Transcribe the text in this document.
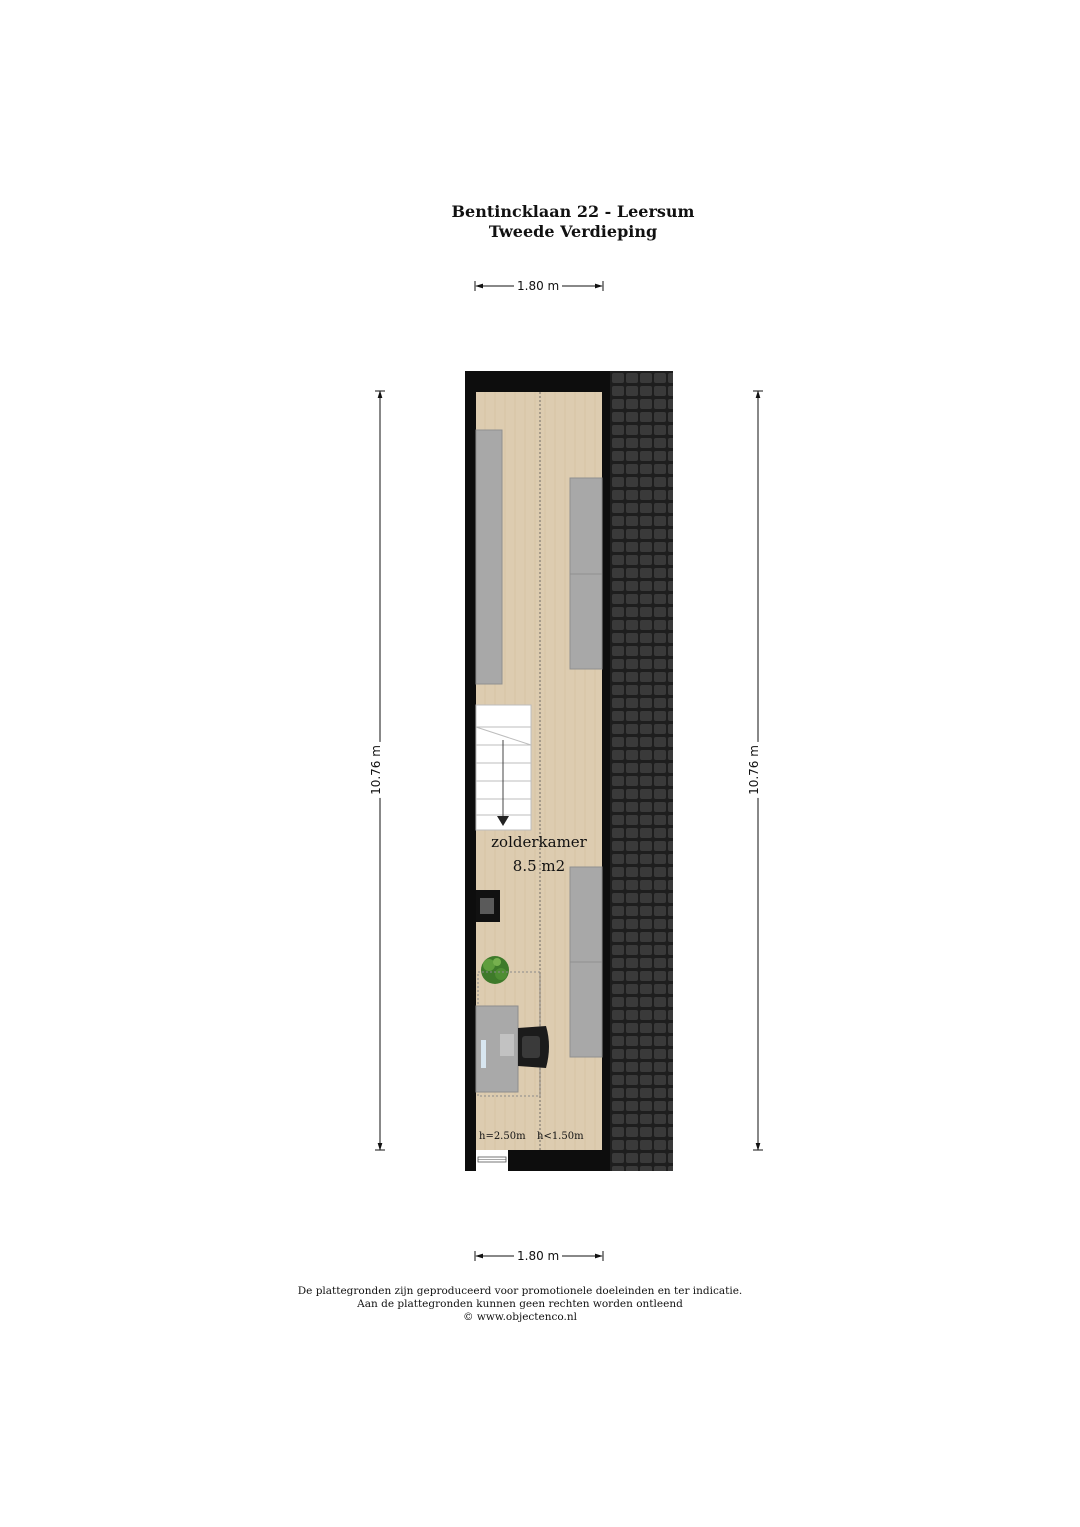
Bentincklaan 22 - Leersum
Tweede Verdieping
1.80 m
1.80 m
10.76 m	10.76 m
zolderkamer
8.5 m2
h=2.50m h<1.50m
De plattegronden zijn geproduceerd voor promotionele doeleinden en ter indicatie.
Aan de plattegronden kunnen geen rechten worden ontleend
© www.objectenco.nl
